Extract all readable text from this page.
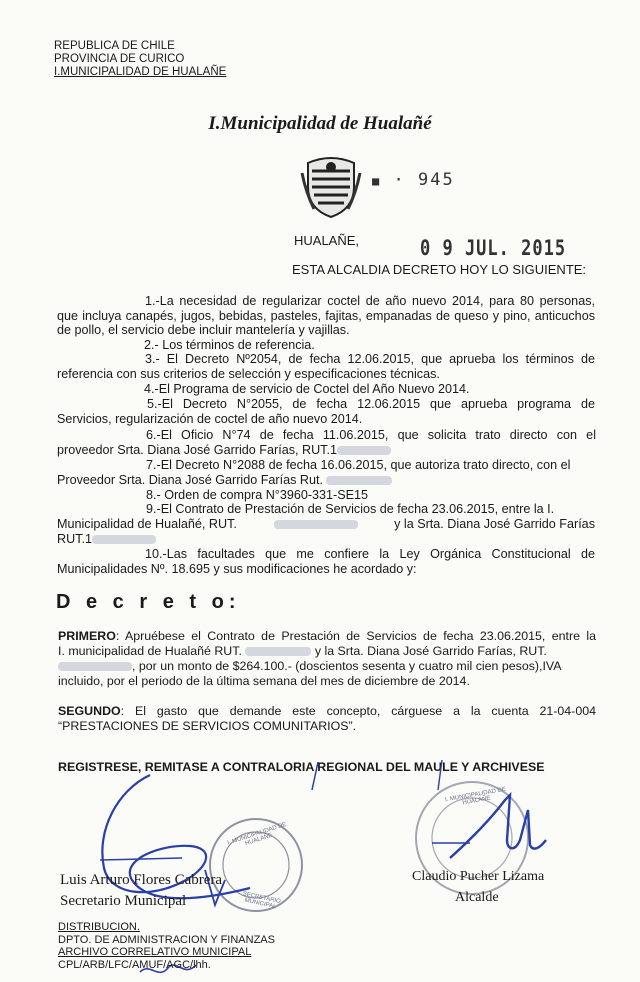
REPUBLICA DE CHILE
PROVINCIA DE CURICO
I.MUNICIPALIDAD DE HUALAÑE
I.Municipalidad de Hualañé
■ · 945
HUALAÑE,	0 9 JUL. 2015
ESTA ALCALDIA DECRETO HOY LO SIGUIENTE:
1.-La necesidad de regularizar coctel de año nuevo 2014, para 80 personas, que incluya canapés, jugos, bebidas, pasteles, fajitas, empanadas de queso y pino, anticuchos de pollo, el servicio debe incluir mantelería y vajillas.
2.- Los términos de referencia.
3.- El Decreto Nº2054, de fecha 12.06.2015, que aprueba los términos de referencia con sus criterios de selección y especificaciones técnicas.
4.-El Programa de servicio de Coctel del Año Nuevo 2014.
5.-El Decreto N°2055, de fecha 12.06.2015 que aprueba programa de Servicios, regularización de coctel de año nuevo 2014.
6.-El Oficio N°74 de fecha 11.06.2015, que solicita trato directo con el
proveedor Srta. Diana José Garrido Farías, RUT.1
7.-El Decreto N°2088 de fecha 16.06.2015, que autoriza trato directo, con el
Proveedor Srta. Diana José Garrido Farías Rut.
8.- Orden de compra N°3960-331-SE15
9.-El Contrato de Prestación de Servicios de fecha 23.06.2015, entre la I.
Municipalidad de Hualañé, RUT.	y la Srta. Diana José Garrido Farías
RUT.1
10.-Las facultades que me confiere la Ley Orgánica Constitucional de Municipalidades Nº. 18.695 y sus modificaciones he acordado y:
D e c r e t o:
PRIMERO: Apruébese el Contrato de Prestación de Servicios de fecha 23.06.2015, entre la
I. municipalidad de Hualañé RUT.	y la Srta. Diana José Garrido Farías, RUT.
, por un monto de $264.100.- (doscientos sesenta y cuatro mil cien pesos),IVA
incluido, por el periodo de la última semana del mes de diciembre de 2014.
SEGUNDO: El gasto que demande este concepto, cárguese a la cuenta 21-04-004
“PRESTACIONES DE SERVICIOS COMUNITARIOS”.
REGISTRESE, REMITASE A CONTRALORIA REGIONAL DEL MAULE Y ARCHIVESE
I. MUNICIPALIDAD DE HUALAÑE
SECRETARIO MUNICIPAL
I. MUNICIPALIDAD DE HUALAÑE
Luis Arturo Flores Cabrera
Secretario Municipal
Claudio Pucher Lizama
Alcalde
DISTRIBUCION.
DPTO. DE ADMINISTRACION Y FINANZAS
ARCHIVO CORRELATIVO MUNICIPAL
CPL/ARB/LFC/AMUF/AGC/lhh.
